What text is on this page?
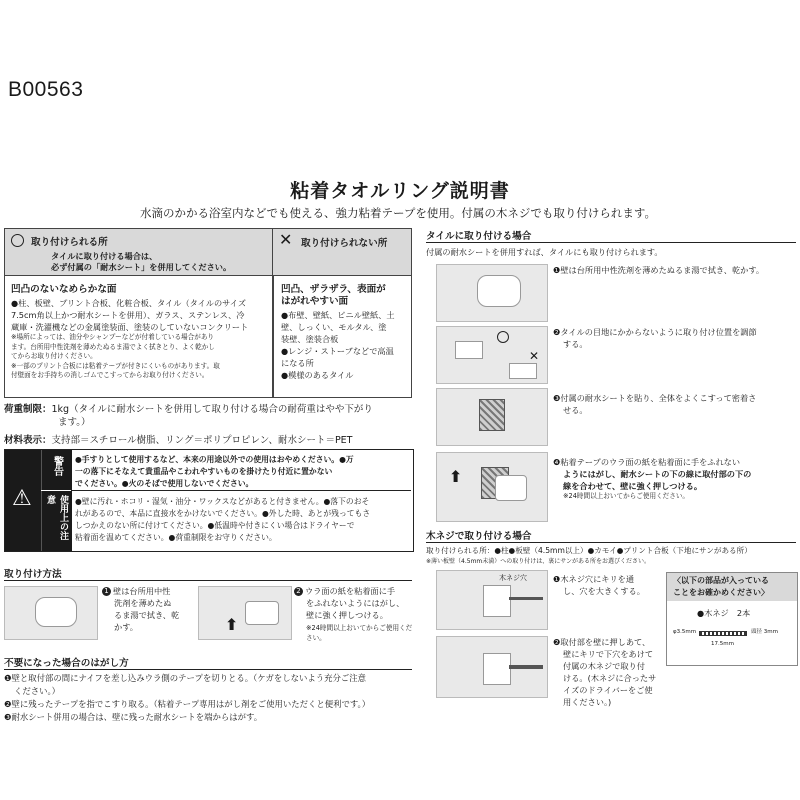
B00563
粘着タオルリング説明書
水滴のかかる浴室内などでも使える、強力粘着テープを使用。付属の木ネジでも取り付けられます。
取り付けられる所
タイルに取り付ける場合は、
必ず付属の「耐水シート」を併用してください。
凹凸のないなめらかな面
●柱、板壁、プリント合板、化粧合板、タイル（タイルのサイズ
7.5cm角以上かつ耐水シートを併用）、ガラス、ステンレス、冷
蔵庫・洗濯機などの金属塗装面、塗装のしていないコンクリート
※場所によっては、油分やシャンプーなどが付着している場合があり
ます。台所用中性洗剤を薄めたぬるま湯でよく拭きとり、よく乾かし
てからお取り付けください。
※一部のプリント合板には粘着テープが付きにくいものがあります。取
付壁面をお手持ちの消しゴムでこすってからお取り付けください。
✕ 取り付けられない所
凹凸、ザラザラ、表面が
はがれやすい面
●布壁、壁紙、ビニル壁紙、土
壁、しっくい、モルタル、塗
装壁、塗装合板
●レンジ・ストーブなどで高温
になる所
●模様のあるタイル
荷重制限：1kg（タイルに耐水シートを併用して取り付ける場合の耐荷重はやや下がり
ます。）
材料表示：支持部＝スチロール樹脂、リング＝ポリプロピレン、耐水シート＝PET
⚠
警告
使用上の注意
●手すりとして使用するなど、本来の用途以外での使用はおやめください。●万
一の落下にそなえて貴重品やこわれやすいものを掛けたり付近に置かない
でください。●火のそばで使用しないでください。
●壁に汚れ・ホコリ・湿気・油分・ワックスなどがあると付きません。●落下のおそ
れがあるので、本品に直接水をかけないでください。●外した時、あとが残ってもさ
しつかえのない所に付けてください。●低温時や付きにくい場合はドライヤーで
粘着面を温めてください。●荷重制限をお守りください。
取り付け方法
1 壁は台所用中性
洗剤を薄めたぬ
るま湯で拭き、乾
かす。	⬆
2 ウラ面の紙を粘着面に手
をふれないようにはがし、
壁に強く押しつける。
※24時間以上おいてからご使用ください。
不要になった場合のはがし方
❶壁と取付部の間にナイフを差し込みウラ側のテープを切りとる。（ケガをしないよう充分ご注意
ください。）
❷壁に残ったテープを指でこすり取る。（粘着テープ専用はがし剤をご使用いただくと便利です。）
❸耐水シート併用の場合は、壁に残った耐水シートを端からはがす。
タイルに取り付ける場合
付属の耐水シートを併用すれば、タイルにも取り付けられます。
❶壁は台所用中性洗剤を薄めたぬるま湯で拭き、乾かす。
✕
❷タイルの目地にかからないように取り付け位置を調節
する。
❸付属の耐水シートを貼り、全体をよくこすって密着さ
せる。
⬆
❹粘着テープのウラ面の紙を粘着面に手をふれない
ようにはがし、耐水シートの下の線に取付部の下の
線を合わせて、壁に強く押しつける。
※24時間以上おいてからご使用ください。
木ネジで取り付ける場合
取り付けられる所：●柱●板壁（4.5mm以上）●カモイ●プリント合板（下地にサンがある所）
※薄い板壁（4.5mm未満）への取り付けは、裏にサンがある所をお選びください。
木ネジ穴	❶木ネジ穴にキリを通
し、穴を大きくする。
❷取付部を壁に押しあて、
壁にキリで下穴をあけて
付属の木ネジで取り付
ける。(木ネジに合ったサ
イズのドライバーをご使
用ください。)
〈以下の部品が入っている
ことをお確かめください〉
●木ネジ　2本
φ3.5mm	頭径 3mm
17.5mm
